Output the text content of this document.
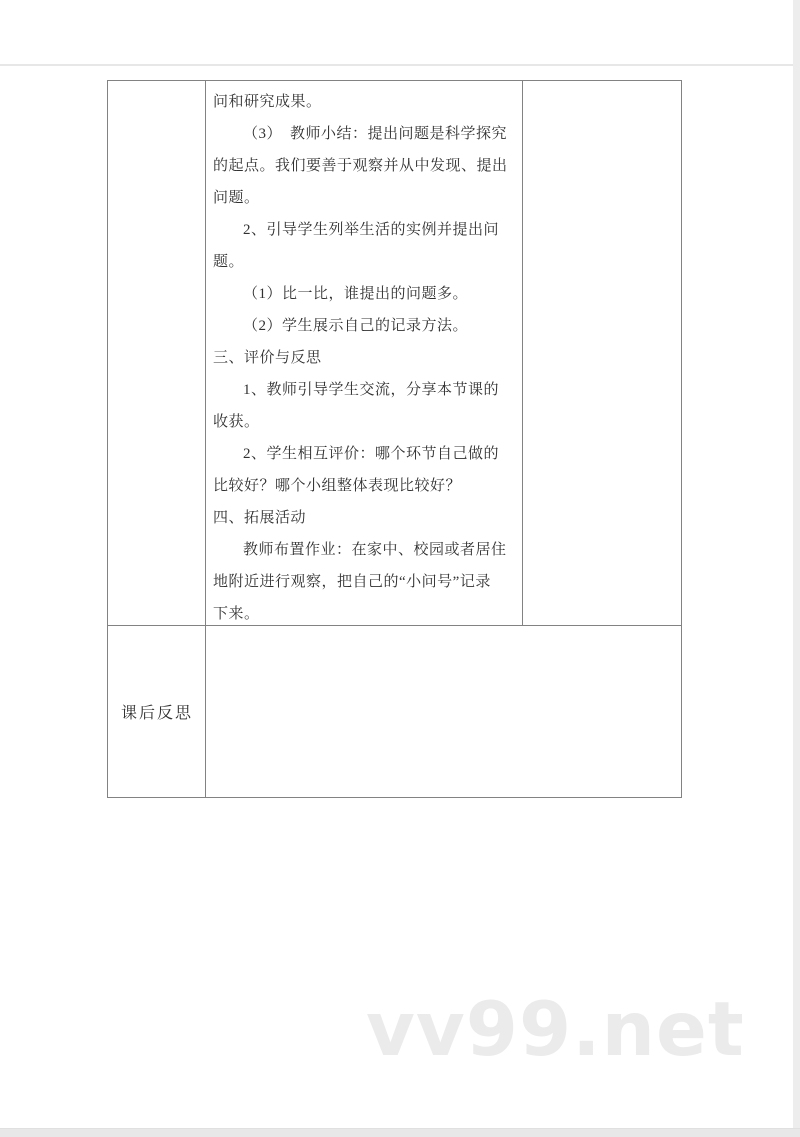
问和研究成果。
（3）　教师小结：提出问题是科学探究
的起点。我们要善于观察并从中发现、提出
问题。
2、引导学生列举生活的实例并提出问
题。
（1）比一比，谁提出的问题多。
（2）学生展示自己的记录方法。
三、评价与反思
1、教师引导学生交流，分享本节课的
收获。
2、学生相互评价：哪个环节自己做的
比较好？哪个小组整体表现比较好？
四、拓展活动
教师布置作业：在家中、校园或者居住
地附近进行观察，把自己的“小问号”记录
下来。
课后反思
vv99.net
